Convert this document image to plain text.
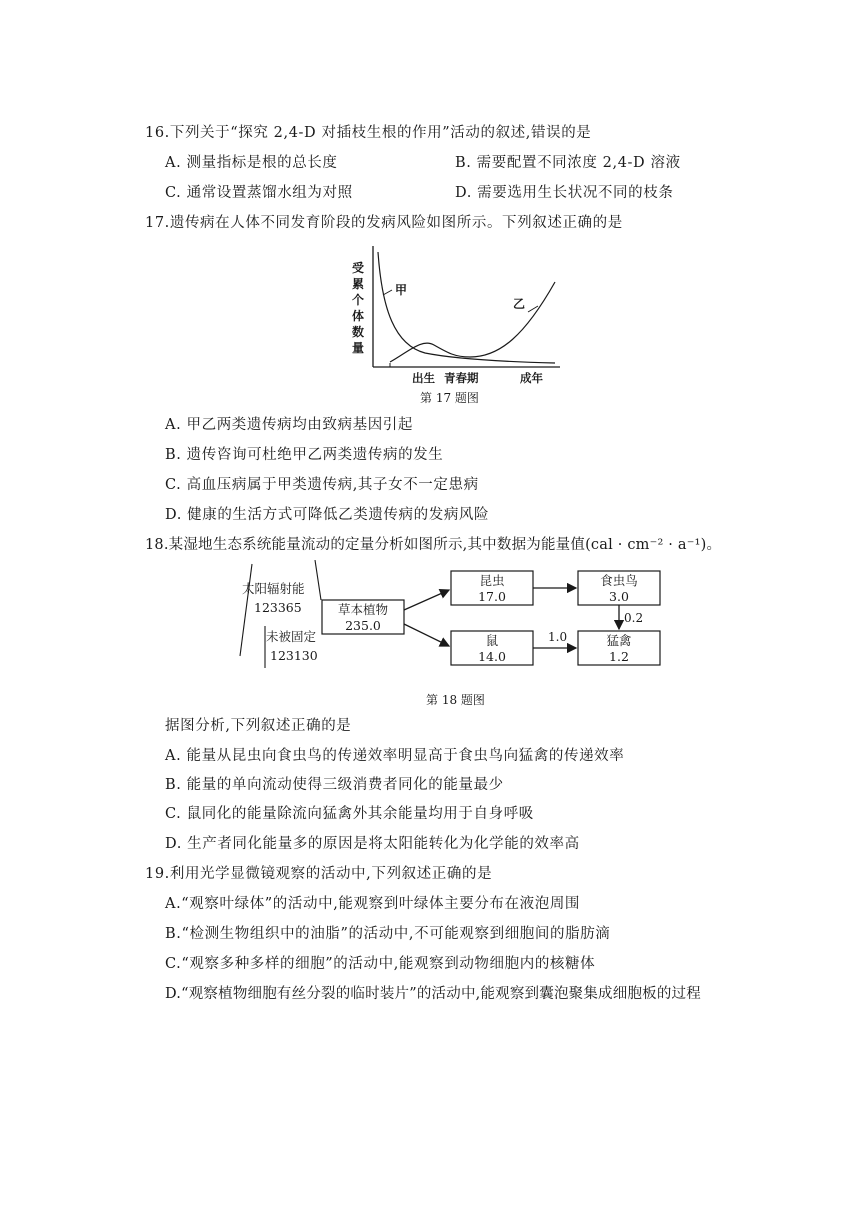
16.下列关于“探究 2,4-D 对插枝生根的作用”活动的叙述,错误的是
A. 测量指标是根的总长度	B. 需要配置不同浓度 2,4-D 溶液
C. 通常设置蒸馏水组为对照	D. 需要选用生长状况不同的枝条
17.遗传病在人体不同发育阶段的发病风险如图所示。下列叙述正确的是
受
累
个
体
数
量
甲
乙
出生 青春期	成年
第 17 题图
A. 甲乙两类遗传病均由致病基因引起
B. 遗传咨询可杜绝甲乙两类遗传病的发生
C. 高血压病属于甲类遗传病,其子女不一定患病
D. 健康的生活方式可降低乙类遗传病的发病风险
18.某湿地生态系统能量流动的定量分析如图所示,其中数据为能量值(cal · cm⁻² · a⁻¹)。
太阳辐射能
123365
未被固定
123130
草本植物
235.0
昆虫
17.0
食虫鸟
3.0
鼠
14.0
猛禽
1.2
1.0
0.2
第 18 题图
据图分析,下列叙述正确的是
A. 能量从昆虫向食虫鸟的传递效率明显高于食虫鸟向猛禽的传递效率
B. 能量的单向流动使得三级消费者同化的能量最少
C. 鼠同化的能量除流向猛禽外其余能量均用于自身呼吸
D. 生产者同化能量多的原因是将太阳能转化为化学能的效率高
19.利用光学显微镜观察的活动中,下列叙述正确的是
A.“观察叶绿体”的活动中,能观察到叶绿体主要分布在液泡周围
B.“检测生物组织中的油脂”的活动中,不可能观察到细胞间的脂肪滴
C.“观察多种多样的细胞”的活动中,能观察到动物细胞内的核糖体
D.“观察植物细胞有丝分裂的临时装片”的活动中,能观察到囊泡聚集成细胞板的过程
